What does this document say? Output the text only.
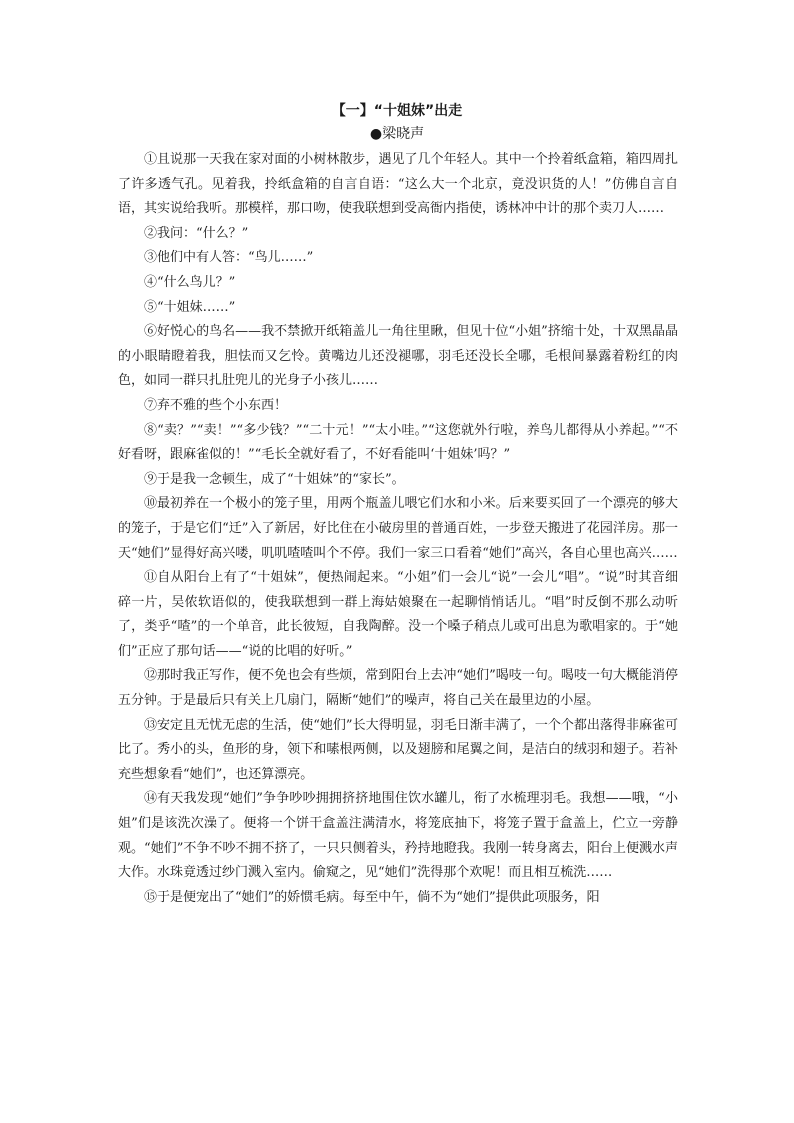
【一】“十姐妹”出走
●梁晓声

①且说那一天我在家对面的小树林散步，遇见了几个年轻人。其中一个拎着纸盒箱，箱四周扎了许多透气孔。见着我，拎纸盒箱的自言自语：“这么大一个北京，竟没识货的人！”仿佛自言自语，其实说给我听。那模样，那口吻，使我联想到受高衙内指使，诱林冲中计的那个卖刀人……

②我问：“什么？”

③他们中有人答：“鸟儿……”

④“什么鸟儿？”

⑤“十姐妹……”

⑥好悦心的鸟名——我不禁掀开纸箱盖儿一角往里瞅，但见十位“小姐”挤缩十处，十双黑晶晶的小眼睛瞪着我，胆怯而又乞怜。黄嘴边儿还没褪哪，羽毛还没长全哪，毛根间暴露着粉红的肉色，如同一群只扎肚兜儿的光身子小孩儿……

⑦弃不雅的些个小东西！

⑧“卖？”“卖！”“多少钱？”“二十元！”“太小哇。”“这您就外行啦，养鸟儿都得从小养起。”“不好看呀，跟麻雀似的！”“毛长全就好看了，不好看能叫‘十姐妹’吗？”

⑨于是我一念顿生，成了“十姐妹”的“家长”。

⑩最初养在一个极小的笼子里，用两个瓶盖儿喂它们水和小米。后来要买回了一个漂亮的够大的笼子，于是它们“迁”入了新居，好比住在小破房里的普通百姓，一步登天搬进了花园洋房。那一天“她们”显得好高兴喽，叽叽喳喳叫个不停。我们一家三口看着“她们”高兴，各自心里也高兴……

⑪自从阳台上有了“十姐妹”，便热闹起来。“小姐”们一会儿“说”一会儿“唱”。“说”时其音细碎一片，吴侬软语似的，使我联想到一群上海姑娘聚在一起聊悄悄话儿。“唱”时反倒不那么动听了，类乎“喳”的一个单音，此长彼短，自我陶醉。没一个嗓子稍点儿或可出息为歌唱家的。于“她们”正应了那句话——“说的比唱的好听。”

⑫那时我正写作，便不免也会有些烦，常到阳台上去冲“她们”喝吱一句。喝吱一句大概能消停五分钟。于是最后只有关上几扇门，隔断“她们”的噪声，将自己关在最里边的小屋。

⑬安定且无忧无虑的生活，使“她们”长大得明显，羽毛日渐丰满了，一个个都出落得非麻雀可比了。秀小的头，鱼形的身，领下和嗉根两侧，以及翅膀和尾翼之间，是洁白的绒羽和翅子。若补充些想象看“她们”，也还算漂亮。

⑭有天我发现“她们”争争吵吵拥拥挤挤地围住饮水罐儿，衔了水梳理羽毛。我想——哦，“小姐”们是该洗次澡了。便将一个饼干盒盖注满清水，将笼底抽下，将笼子置于盒盖上，伫立一旁静观。“她们”不争不吵不拥不挤了，一只只侧着头，矜持地瞪我。我刚一转身离去，阳台上便溅水声大作。水珠竟透过纱门溅入室内。偷窥之，见“她们”洗得那个欢呢！而且相互梳洗……

⑮于是便宠出了“她们”的娇惯毛病。每至中午，倘不为“她们”提供此项服务，阳
